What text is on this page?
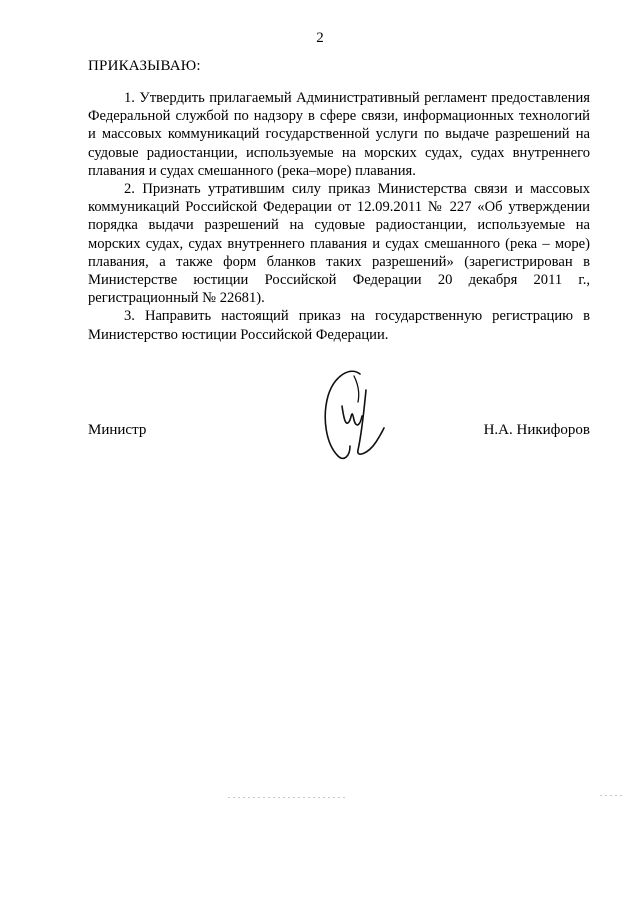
2
ПРИКАЗЫВАЮ:

1. Утвердить прилагаемый Административный регламент предоставления Федеральной службой по надзору в сфере связи, информационных технологий и массовых коммуникаций государственной услуги по выдаче разрешений на судовые радиостанции, используемые на морских судах, судах внутреннего плавания и судах смешанного (река–море) плавания.

2. Признать утратившим силу приказ Министерства связи и массовых коммуникаций Российской Федерации от 12.09.2011 № 227 «Об утверждении порядка выдачи разрешений на судовые радиостанции, используемые на морских судах, судах внутреннего плавания и судах смешанного (река – море) плавания, а также форм бланков таких разрешений» (зарегистрирован в Министерстве юстиции Российской Федерации 20 декабря 2011 г., регистрационный № 22681).

3. Направить настоящий приказ на государственную регистрацию в Министерство юстиции Российской Федерации.

Министр	Н.А. Никифоров
